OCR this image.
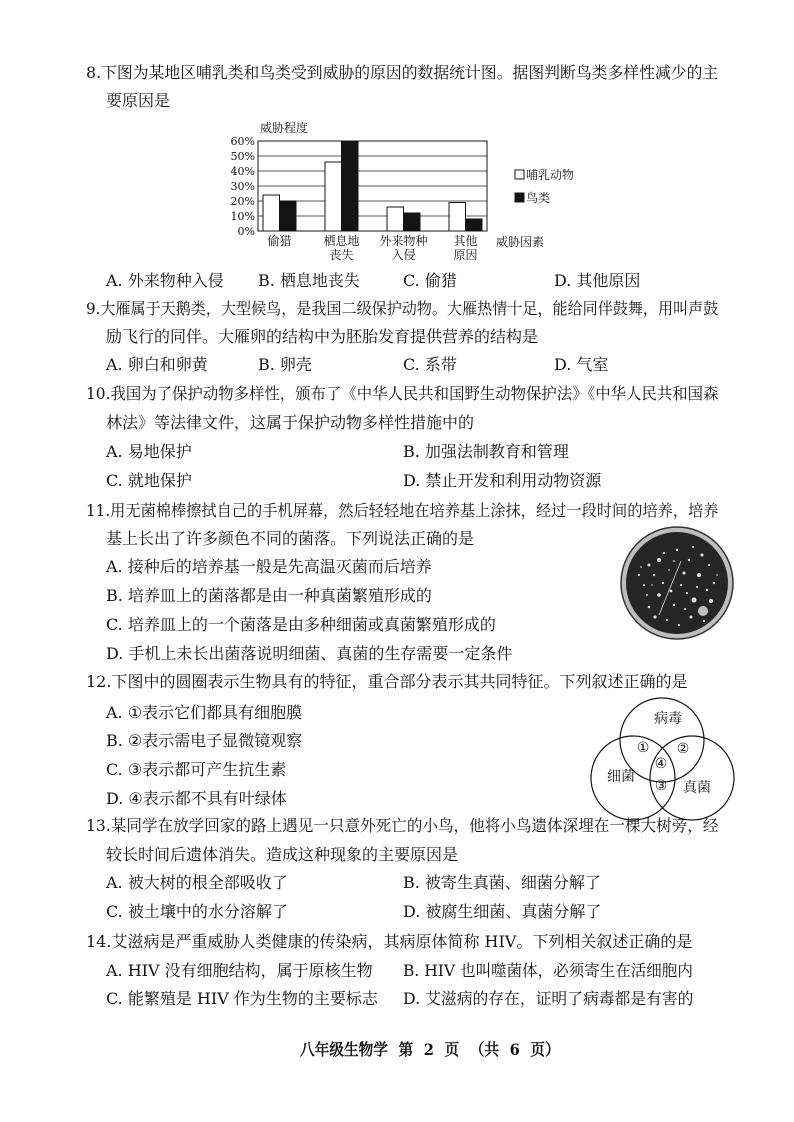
8.下图为某地区哺乳类和鸟类受到威胁的原因的数据统计图。据图判断鸟类多样性减少的主
要原因是
0%
10%
20%
30%
40%
50%
60%
偷猎	栖息地丧失
外来物种入侵
其他原因
威胁程度
威胁因素
哺乳动物
鸟类
A. 外来物种入侵	B. 栖息地丧失	C. 偷猎	D. 其他原因
9.大雁属于天鹅类，大型候鸟，是我国二级保护动物。大雁热情十足，能给同伴鼓舞，用叫声鼓
励飞行的同伴。大雁卵的结构中为胚胎发育提供营养的结构是
A. 卵白和卵黄	B. 卵壳	C. 系带	D. 气室
10.我国为了保护动物多样性，颁布了《中华人民共和国野生动物保护法》《中华人民共和国森
林法》等法律文件，这属于保护动物多样性措施中的
A. 易地保护	B. 加强法制教育和管理
C. 就地保护	D. 禁止开发和利用动物资源
11.用无菌棉棒擦拭自己的手机屏幕，然后轻轻地在培养基上涂抹，经过一段时间的培养，培养
基上长出了许多颜色不同的菌落。下列说法正确的是
A. 接种后的培养基一般是先高温灭菌而后培养
B. 培养皿上的菌落都是由一种真菌繁殖形成的
C. 培养皿上的一个菌落是由多种细菌或真菌繁殖形成的
D. 手机上未长出菌落说明细菌、真菌的生存需要一定条件
12.下图中的圆圈表示生物具有的特征，重合部分表示其共同特征。下列叙述正确的是
A. ①表示它们都具有细胞膜
B. ②表示需电子显微镜观察
C. ③表示都可产生抗生素
D. ④表示都不具有叶绿体
病毒
细菌
真菌
① ②
③
④
13.某同学在放学回家的路上遇见一只意外死亡的小鸟，他将小鸟遗体深埋在一棵大树旁，经
较长时间后遗体消失。造成这种现象的主要原因是
A. 被大树的根全部吸收了	B. 被寄生真菌、细菌分解了
C. 被土壤中的水分溶解了	D. 被腐生细菌、真菌分解了
14.艾滋病是严重威胁人类健康的传染病，其病原体简称 HIV。下列相关叙述正确的是
A. HIV 没有细胞结构，属于原核生物	B. HIV 也叫噬菌体，必须寄生在活细胞内
C. 能繁殖是 HIV 作为生物的主要标志	D. 艾滋病的存在，证明了病毒都是有害的
八年级生物学 第 2 页 （共 6 页）
